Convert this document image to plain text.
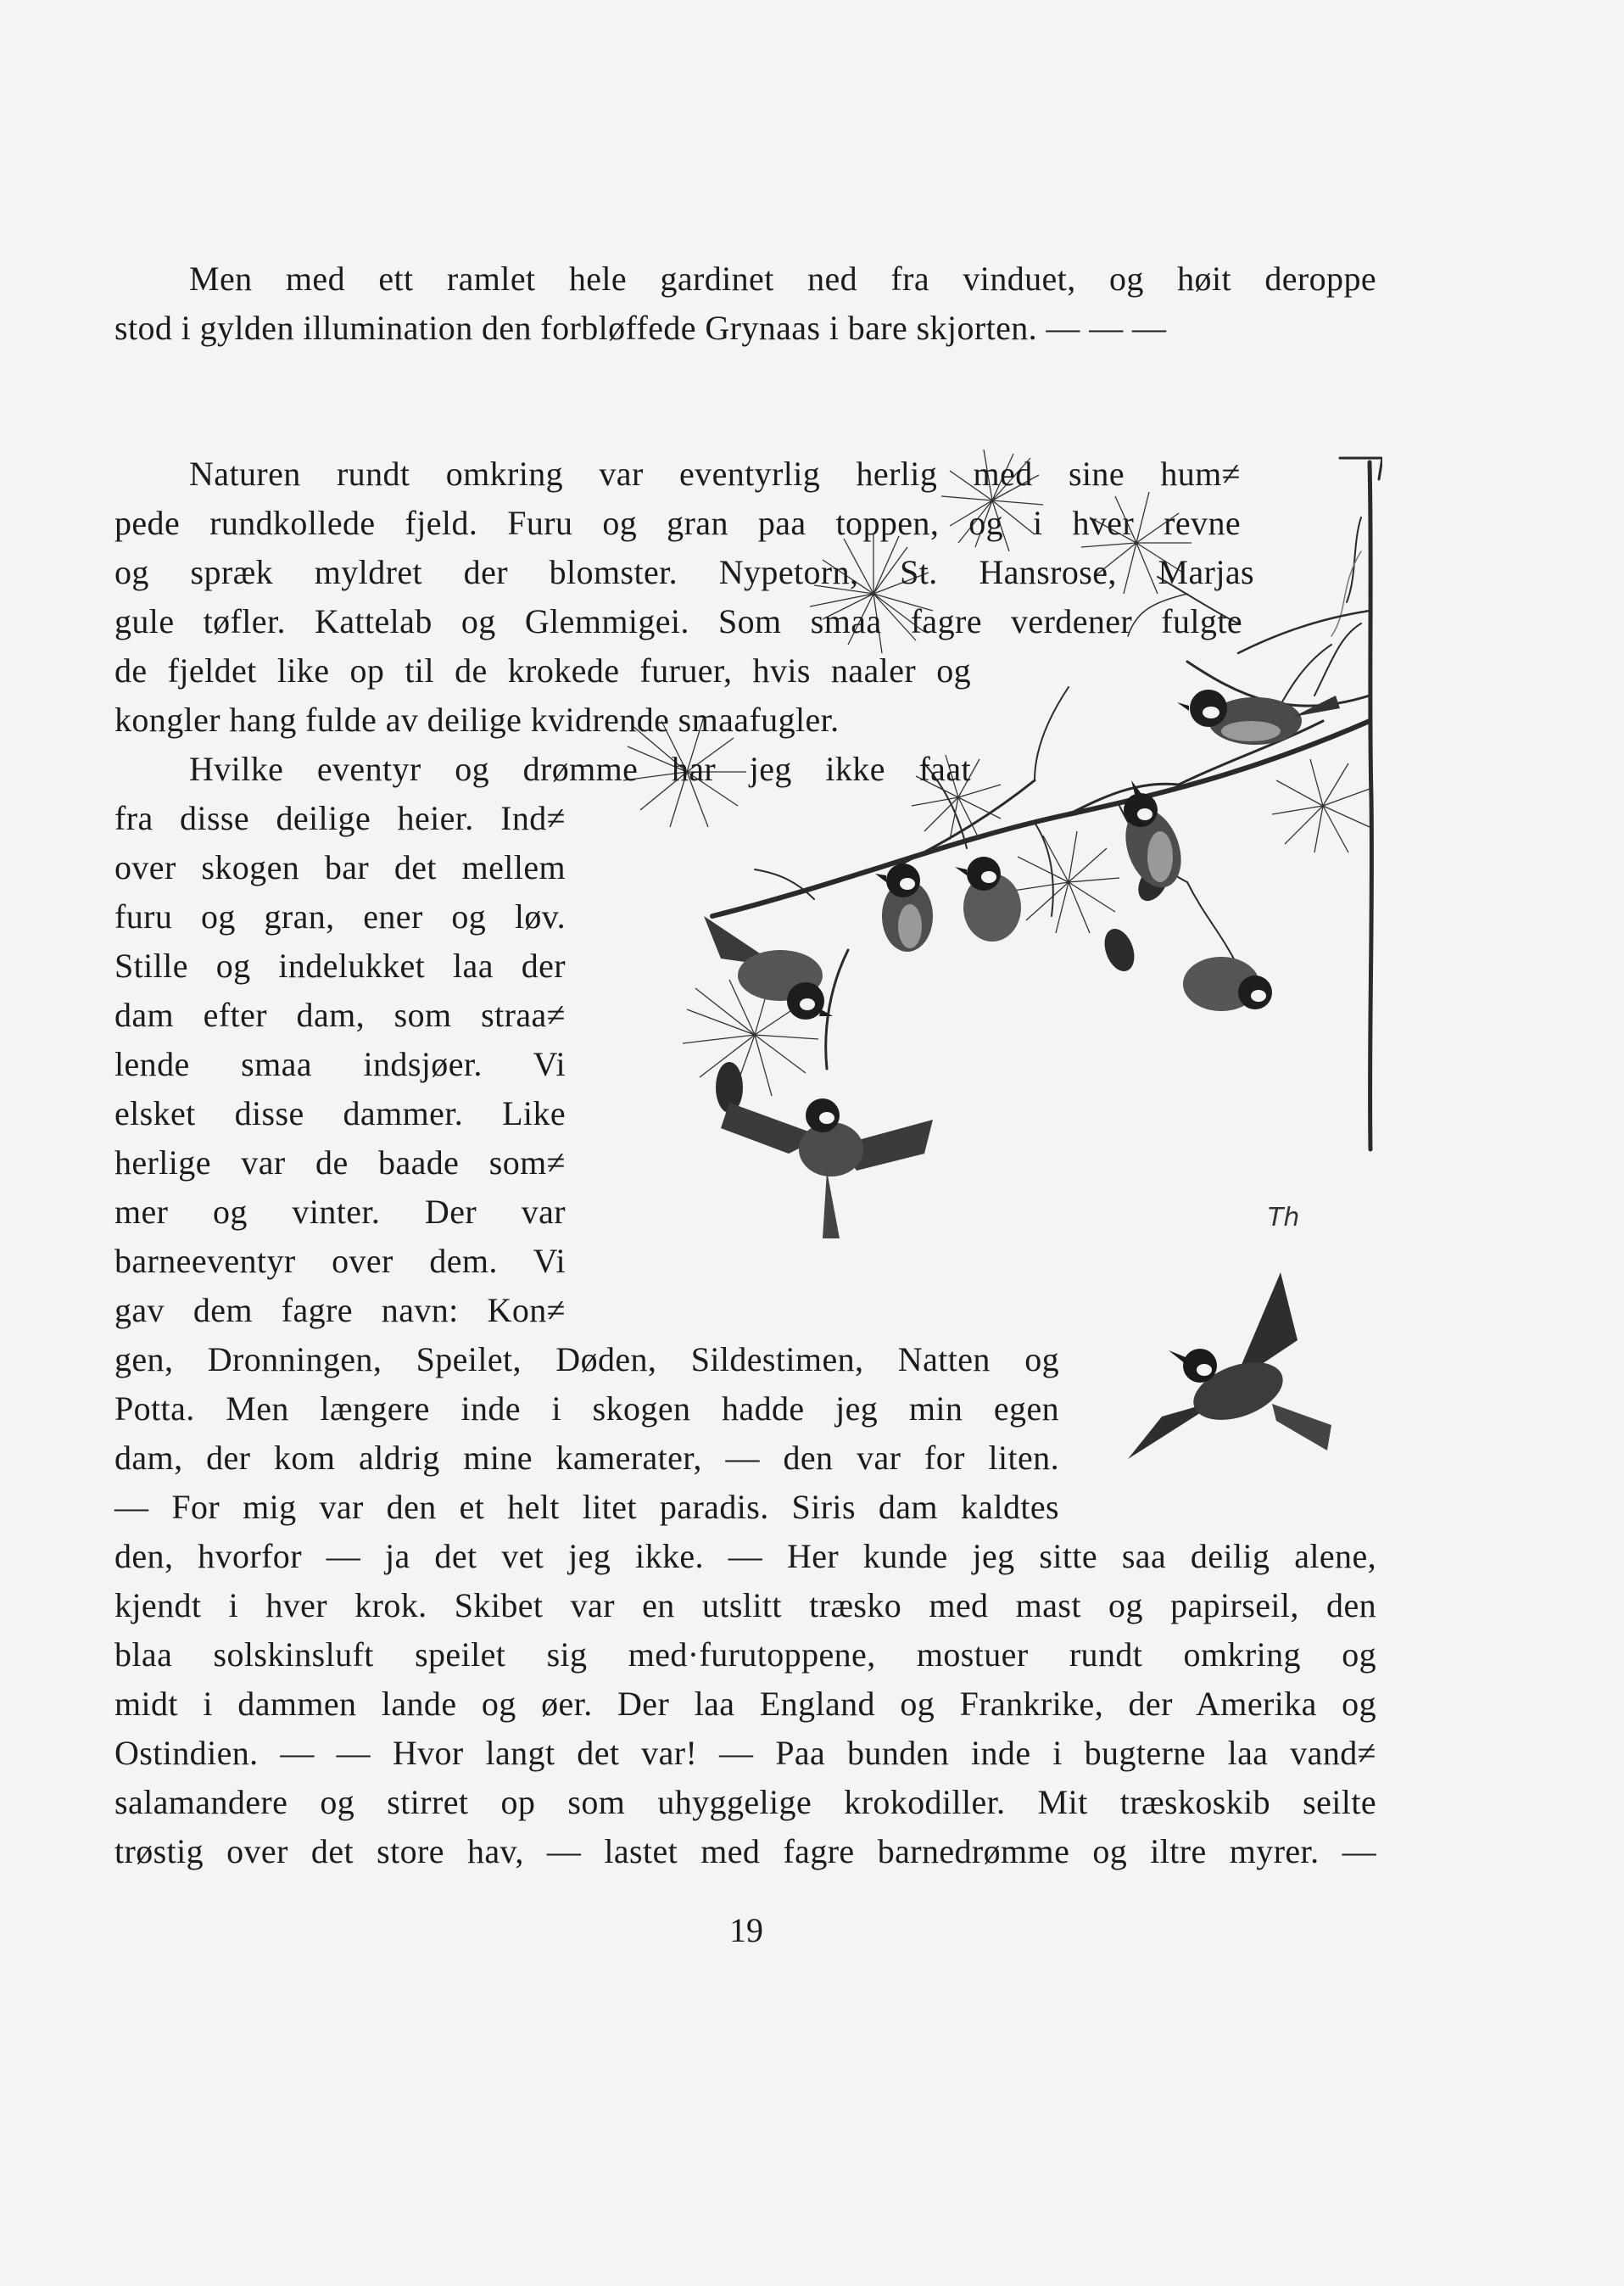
Men med ett ramlet hele gardinet ned fra vinduet, og høit deroppe
stod i gylden illumination den forbløffede Grynaas i bare skjorten. — — —
Th
Naturen rundt omkring var eventyrlig herlig med sine hum≠
pede rundkollede fjeld. Furu og gran paa toppen, og i hver revne
og spræk myldret der blomster. Nypetorn, St. Hansrose, Marjas
gule tøfler. Kattelab og Glemmigei. Som smaa fagre verdener fulgte
de fjeldet like op til de krokede furuer, hvis naaler og
kongler hang fulde av deilige kvidrende smaafugler.
Hvilke eventyr og drømme har jeg ikke faat
fra disse deilige heier. Ind≠
over skogen bar det mellem
furu og gran, ener og løv.
Stille og indelukket laa der
dam efter dam, som straa≠
lende smaa indsjøer. Vi
elsket disse dammer. Like
herlige var de baade som≠
mer og vinter. Der var
barneeventyr over dem. Vi
gav dem fagre navn: Kon≠
gen, Dronningen, Speilet, Døden, Sildestimen, Natten og
Potta. Men længere inde i skogen hadde jeg min egen
dam, der kom aldrig mine kamerater, — den var for liten.
— For mig var den et helt litet paradis. Siris dam kaldtes
den, hvorfor — ja det vet jeg ikke. — Her kunde jeg sitte saa deilig alene,
kjendt i hver krok. Skibet var en utslitt træsko med mast og papirseil, den
blaa solskinsluft speilet sig med·furutoppene, mostuer rundt omkring og
midt i dammen lande og øer. Der laa England og Frankrike, der Amerika og
Ostindien. — — Hvor langt det var! — Paa bunden inde i bugterne laa vand≠
salamandere og stirret op som uhyggelige krokodiller. Mit træskoskib seilte
trøstig over det store hav, — lastet med fagre barnedrømme og iltre myrer. —
19
